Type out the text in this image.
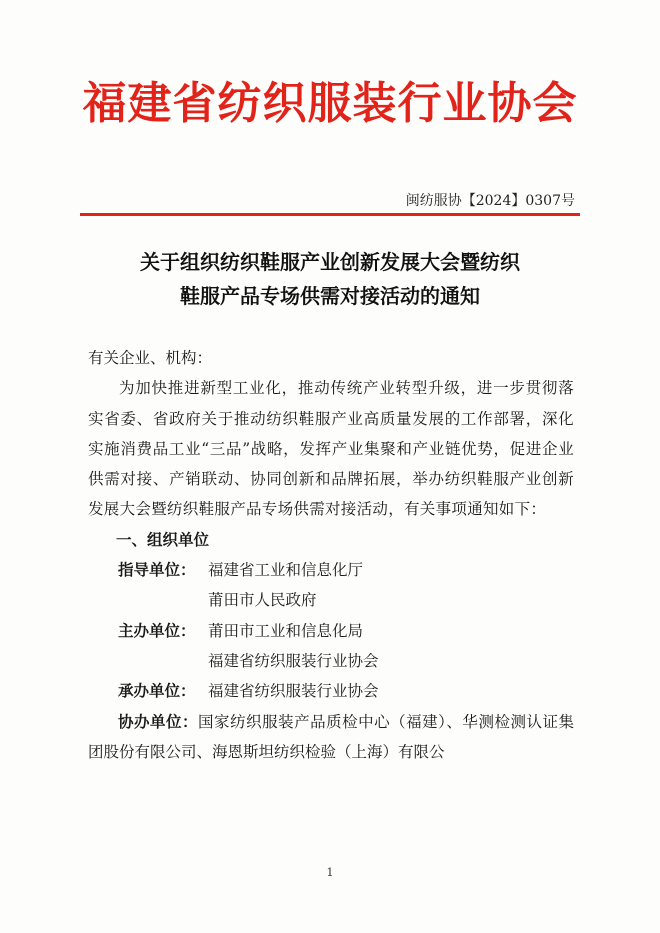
福建省纺织服装行业协会
闽纺服协【2024】0307号
关于组织纺织鞋服产业创新发展大会暨纺织
鞋服产品专场供需对接活动的通知
有关企业、机构：
为加快推进新型工业化，推动传统产业转型升级，进一步贯彻落实省委、省政府关于推动纺织鞋服产业高质量发展的工作部署，深化实施消费品工业“三品”战略，发挥产业集聚和产业链优势，促进企业供需对接、产销联动、协同创新和品牌拓展，举办纺织鞋服产业创新发展大会暨纺织鞋服产品专场供需对接活动，有关事项通知如下：
一、组织单位
指导单位： 福建省工业和信息化厅
莆田市人民政府
主办单位： 莆田市工业和信息化局
福建省纺织服装行业协会
承办单位： 福建省纺织服装行业协会
协办单位：国家纺织服装产品质检中心（福建）、华测检测认证集团股份有限公司、海恩斯坦纺织检验（上海）有限公
1
